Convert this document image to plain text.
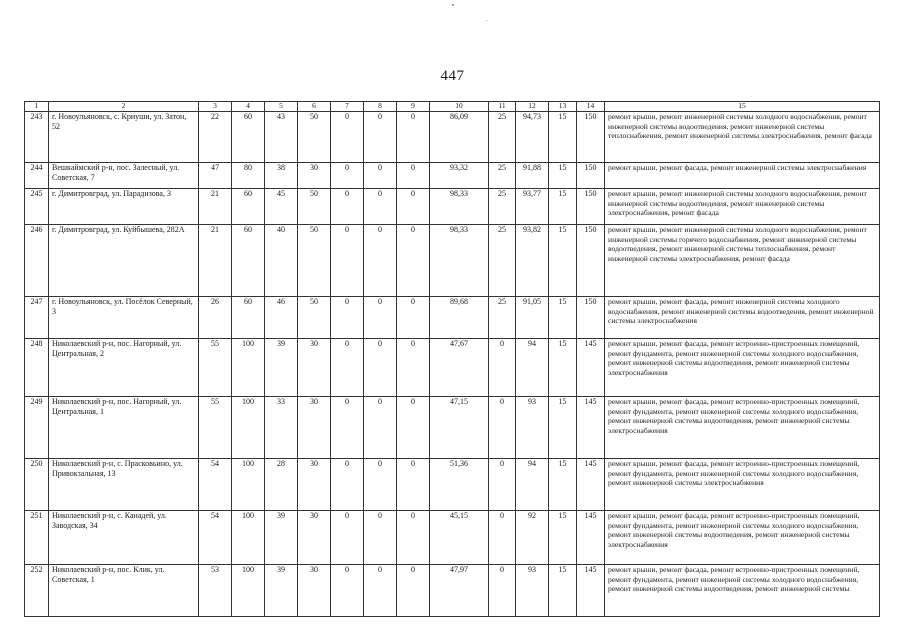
447
1	2	3	4	5	6	7	8	9	10	11	12	13	14	15
243	г. Новоульяновск, с. Криуши, ул. Затон, 52	22	60	43	50	0	0	0	86,09	25	94,73	15	150	ремонт крыши, ремонт инженерной системы холодного водоснабжения, ремонт инженерной системы водоотведения, ремонт инженерной системы теплоснабжения, ремонт инженерной системы электроснабжения, ремонт фасада
244	Вешкаймский р-н, пос. Залесный, ул. Советская, 7	47	80	38	30	0	0	0	93,32	25	91,88	15	150	ремонт крыши, ремонт фасада, ремонт инженерной системы электроснабжения
245	г. Димитровград, ул. Парадизова, 3	21	60	45	50	0	0	0	98,33	25	93,77	15	150	ремонт крыши, ремонт инженерной системы холодного водоснабжения, ремонт инженерной системы водоотведения, ремонт инженерной системы электроснабжения, ремонт фасада
246	г. Димитровград, ул. Куйбышева, 282А	21	60	40	50	0	0	0	98,33	25	93,82	15	150	ремонт крыши, ремонт инженерной системы холодного водоснабжения, ремонт инженерной системы горячего водоснабжения, ремонт инженерной системы водоотведения, ремонт инженерной системы теплоснабжения, ремонт инженерной системы электроснабжения, ремонт фасада
247	г. Новоульяновск, ул. Посёлок Северный, 3	26	60	46	50	0	0	0	89,68	25	91,05	15	150	ремонт крыши, ремонт фасада, ремонт инженерной системы холодного водоснабжения, ремонт инженерной системы водоотведения, ремонт инженерной системы электроснабжения
248	Николаевский р-н, пос. Нагорный, ул. Центральная, 2	55	100	39	30	0	0	0	47,67	0	94	15	145	ремонт крыши, ремонт фасада, ремонт встроенно-пристроенных помещений, ремонт фундамента, ремонт инженерной системы холодного водоснабжения, ремонт инженерной системы водоотведения, ремонт инженерной системы электроснабжения
249	Николаевский р-н, пос. Нагорный, ул. Центральная, 1	55	100	33	30	0	0	0	47,15	0	93	15	145	ремонт крыши, ремонт фасада, ремонт встроенно-пристроенных помещений, ремонт фундамента, ремонт инженерной системы холодного водоснабжения, ремонт инженерной системы водоотведения, ремонт инженерной системы электроснабжения
250	Николаевский р-н, с. Прасковьино, ул. Привокзальная, 13	54	100	28	30	0	0	0	51,36	0	94	15	145	ремонт крыши, ремонт фасада, ремонт встроенно-пристроенных помещений, ремонт фундамента, ремонт инженерной системы холодного водоснабжения, ремонт инженерной системы электроснабжения
251	Николаевский р-н, с. Канадей, ул. Заводская, 34	54	100	39	30	0	0	0	45,15	0	92	15	145	ремонт крыши, ремонт фасада, ремонт встроенно-пристроенных помещений, ремонт фундамента, ремонт инженерной системы холодного водоснабжения, ремонт инженерной системы водоотведения, ремонт инженерной системы электроснабжения
252	Николаевский р-н, пос. Клик, ул. Советская, 1	53	100	39	30	0	0	0	47,97	0	93	15	145	ремонт крыши, ремонт фасада, ремонт встроенно-пристроенных помещений, ремонт фундамента, ремонт инженерной системы холодного водоснабжения, ремонт инженерной системы водоотведения, ремонт инженерной системы
